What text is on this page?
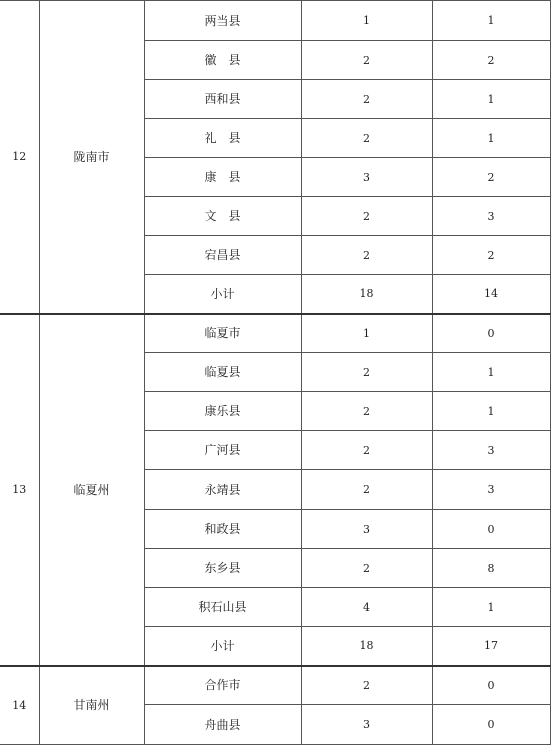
12	陇南市	两当县	1	1
		徽　县	2	2
		西和县	2	1
		礼　县	2	1
		康　县	3	2
		文　县	2	3
		宕昌县	2	2
		小计	18	14
13	临夏州	临夏市	1	0
		临夏县	2	1
		康乐县	2	1
		广河县	2	3
		永靖县	2	3
		和政县	3	0
		东乡县	2	8
		积石山县	4	1
		小计	18	17
14	甘南州	合作市	2	0
		舟曲县	3	0
